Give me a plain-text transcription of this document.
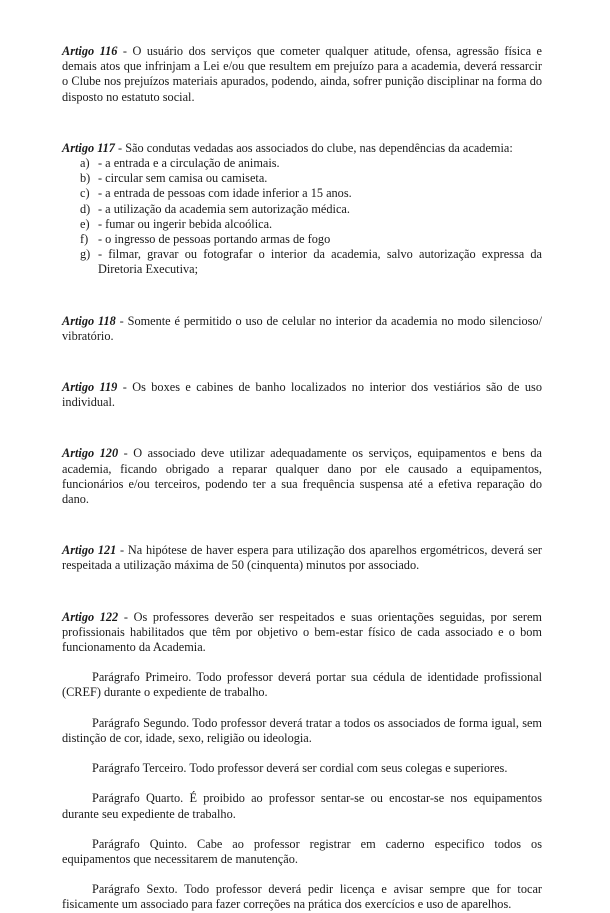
Artigo 116 - O usuário dos serviços que cometer qualquer atitude, ofensa, agressão física e demais atos que infrinjam a Lei e/ou que resultem em prejuízo para a academia, deverá ressarcir o Clube nos prejuízos materiais apurados, podendo, ainda, sofrer punição disciplinar na forma do disposto no estatuto social.

Artigo 117 - São condutas vedadas aos associados do clube, nas dependências da academia:

a) - a entrada e a circulação de animais.
b) - circular sem camisa ou camiseta.
c) - a entrada de pessoas com idade inferior a 15 anos.
d) - a utilização da academia sem autorização médica.
e) - fumar ou ingerir bebida alcoólica.
f) - o ingresso de pessoas portando armas de fogo
g) - filmar, gravar ou fotografar o interior da academia, salvo autorização expressa da Diretoria Executiva;

Artigo 118 - Somente é permitido o uso de celular no interior da academia no modo silencioso/ vibratório.

Artigo 119 - Os boxes e cabines de banho localizados no interior dos vestiários são de uso individual.

Artigo 120 - O associado deve utilizar adequadamente os serviços, equipamentos e bens da academia, ficando obrigado a reparar qualquer dano por ele causado a equipamentos, funcionários e/ou terceiros, podendo ter a sua frequência suspensa até a efetiva reparação do dano.

Artigo 121 - Na hipótese de haver espera para utilização dos aparelhos ergométricos, deverá ser respeitada a utilização máxima de 50 (cinquenta) minutos por associado.

Artigo 122 - Os professores deverão ser respeitados e suas orientações seguidas, por serem profissionais habilitados que têm por objetivo o bem-estar físico de cada associado e o bom funcionamento da Academia.

Parágrafo Primeiro. Todo professor deverá portar sua cédula de identidade profissional (CREF) durante o expediente de trabalho.

Parágrafo Segundo. Todo professor deverá tratar a todos os associados de forma igual, sem distinção de cor, idade, sexo, religião ou ideologia.

Parágrafo Terceiro. Todo professor deverá ser cordial com seus colegas e superiores.

Parágrafo Quarto. É proibido ao professor sentar-se ou encostar-se nos equipamentos durante seu expediente de trabalho.

Parágrafo Quinto. Cabe ao professor registrar em caderno especifico todos os equipamentos que necessitarem de manutenção.

Parágrafo Sexto. Todo professor deverá pedir licença e avisar sempre que for tocar fisicamente um associado para fazer correções na prática dos exercícios e uso de aparelhos.
